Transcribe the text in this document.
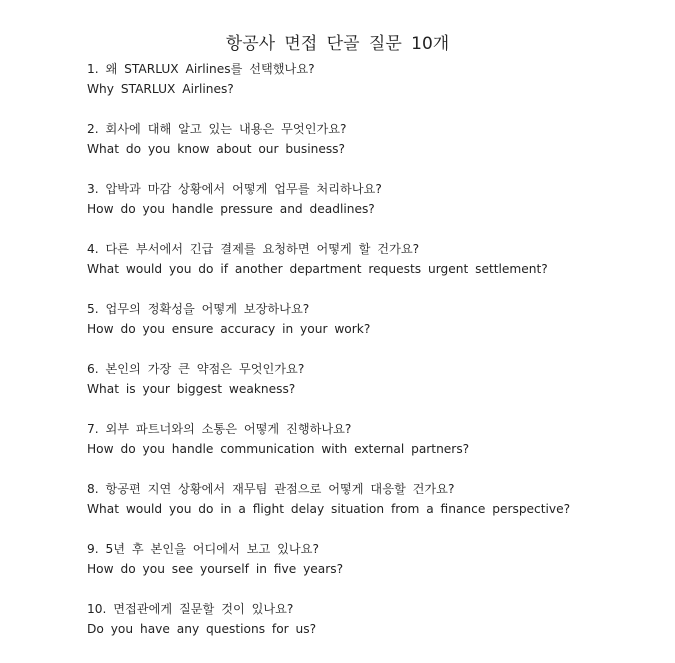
항공사 면접 단골 질문 10개
1. 왜 STARLUX Airlines를 선택했나요?
Why STARLUX Airlines?
2. 회사에 대해 알고 있는 내용은 무엇인가요?
What do you know about our business?
3. 압박과 마감 상황에서 어떻게 업무를 처리하나요?
How do you handle pressure and deadlines?
4. 다른 부서에서 긴급 결제를 요청하면 어떻게 할 건가요?
What would you do if another department requests urgent settlement?
5. 업무의 정확성을 어떻게 보장하나요?
How do you ensure accuracy in your work?
6. 본인의 가장 큰 약점은 무엇인가요?
What is your biggest weakness?
7. 외부 파트너와의 소통은 어떻게 진행하나요?
How do you handle communication with external partners?
8. 항공편 지연 상황에서 재무팀 관점으로 어떻게 대응할 건가요?
What would you do in a flight delay situation from a finance perspective?
9. 5년 후 본인을 어디에서 보고 있나요?
How do you see yourself in five years?
10. 면접관에게 질문할 것이 있나요?
Do you have any questions for us?
